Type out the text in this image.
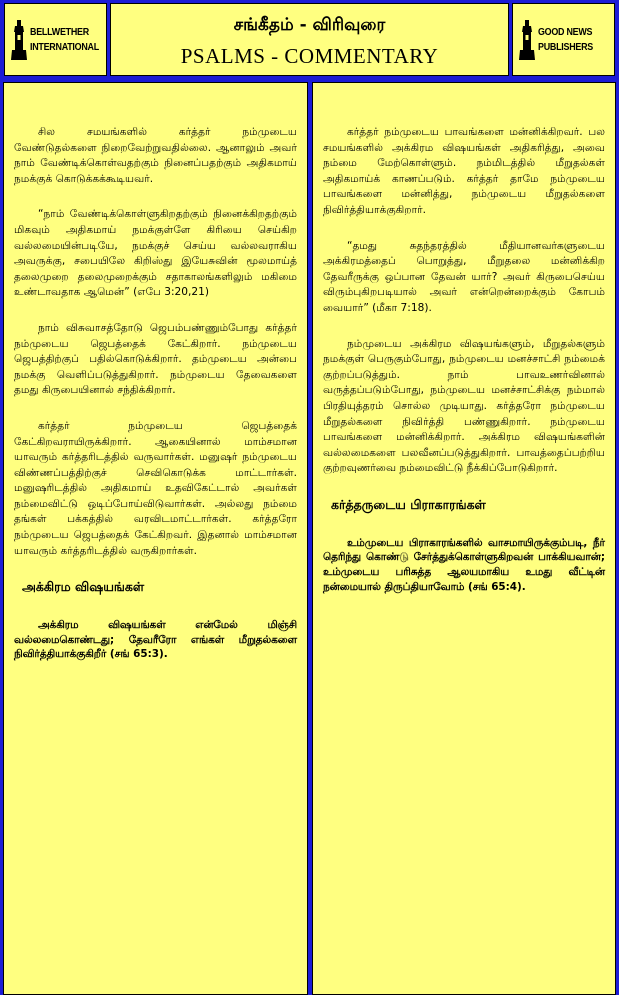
BELLWETHER
INTERNATIONAL
சங்கீதம் - விரிவுரை
PSALMS - COMMENTARY
GOOD NEWS
PUBLISHERS

சில சமயங்களில் கர்த்தர் நம்முடைய வேண்டுதல்களை நிறைவேற்றுவதில்லை. ஆனாலும் அவர் நாம் வேண்டிக்கொள்வதற்கும் நினைப்பதற்கும் அதிகமாய் நமக்குக் கொடுக்கக்கூடியவர்.

“நாம் வேண்டிக்கொள்ளுகிறதற்கும் நினைக்கிறதற்கும் மிகவும் அதிகமாய் நமக்குள்ளே கிரியை செய்கிற வல்லமையின்படியே, நமக்குச் செய்ய வல்லவராகிய அவருக்கு, சபையிலே கிறிஸ்து இயேசுவின் மூலமாய்த் தலைமுறை தலைமுறைக்கும் சதாகாலங்களிலும் மகிமை உண்டாவதாக ஆமென்” (எபே 3:20,21)

நாம் விசுவாசத்தோடு ஜெபம்பண்ணும்போது கர்த்தர் நம்முடைய ஜெபத்தைக் கேட்கிறார். நம்முடைய ஜெபத்திற்குப் பதில்கொடுக்கிறார். தம்முடைய அன்பை நமக்கு வெளிப்படுத்துகிறார். நம்முடைய தேவைகளை தமது கிருபையினால் சந்திக்கிறார்.

கர்த்தர் நம்முடைய ஜெபத்தைக் கேட்கிறவராயிருக்கிறார். ஆகையினால் மாம்சமான யாவரும் கர்த்தரிடத்தில் வருவார்கள். மனுஷர் நம்முடைய விண்ணப்பத்திற்குச் செவிகொடுக்க மாட்டார்கள். மனுஷரிடத்தில் அதிகமாய் உதவிகேட்டால் அவர்கள் நம்மைவிட்டு ஒடிப்போய்விடுவார்கள். அல்லது நம்மை தங்கள் பக்கத்தில் வரவிடமாட்டார்கள். கர்த்தரோ நம்முடைய ஜெபத்தைக் கேட்கிறவர். இதனால் மாம்சமான யாவரும் கர்த்தரிடத்தில் வருகிறார்கள்.

அக்கிரம விஷயங்கள்

அக்கிரம விஷயங்கள் என்மேல் மிஞ்சி வல்லமைகொண்டது; தேவரீரோ எங்கள் மீறுதல்களை நிவிர்த்தியாக்குகிறீர் (சங் 65:3).

கர்த்தர் நம்முடைய பாவங்களை மன்னிக்கிறவர். பல சமயங்களில் அக்கிரம விஷயங்கள் அதிகரித்து, அவை நம்மை மேற்கொள்ளும். நம்மிடத்தில் மீறுதல்கள் அதிகமாய்க் காணப்படும். கர்த்தர் தாமே நம்முடைய பாவங்களை மன்னித்து, நம்முடைய மீறுதல்களை நிவிர்த்தியாக்குகிறார்.

“தமது சுதந்தரத்தில் மீதியானவர்களுடைய அக்கிரமத்தைப் பொறுத்து, மீறுதலை மன்னிக்கிற தேவரீருக்கு ஒப்பான தேவன் யார்? அவர் கிருபைசெய்ய விரும்புகிறபடியால் அவர் என்றென்றைக்கும் கோபம் வையார்” (மீகா 7:18).

நம்முடைய அக்கிரம விஷயங்களும், மீறுதல்களும் நமக்குள் பெருகும்போது, நம்முடைய மனச்சாட்சி நம்மைக் குற்றப்படுத்தும். நாம் பாவஉணர்வினால் வருத்தப்படும்போது, நம்முடைய மனச்சாட்சிக்கு நம்மால் பிரதியுத்தரம் சொல்ல முடியாது. கர்த்தரோ நம்முடைய மீறுதல்களை நிவிர்த்தி பண்ணுகிறார். நம்முடைய பாவங்களை மன்னிக்கிறார். அக்கிரம விஷயங்களின் வல்லமைகளை பலவீனப்படுத்துகிறார். பாவத்தைப்பற்றிய குற்றவுணர்வை நம்மைவிட்டு நீக்கிப்போடுகிறார்.

கர்த்தருடைய பிராகாரங்கள்

உம்முடைய பிராகாரங்களில் வாசமாயிருக்கும்படி, நீர் தெரிந்து கொண்டு சேர்த்துக்கொள்ளுகிறவன் பாக்கியவான்; உம்முடைய பரிசுத்த ஆலயமாகிய உமது வீட்டின் நன்மையால் திருப்தியாவோம் (சங் 65:4).
